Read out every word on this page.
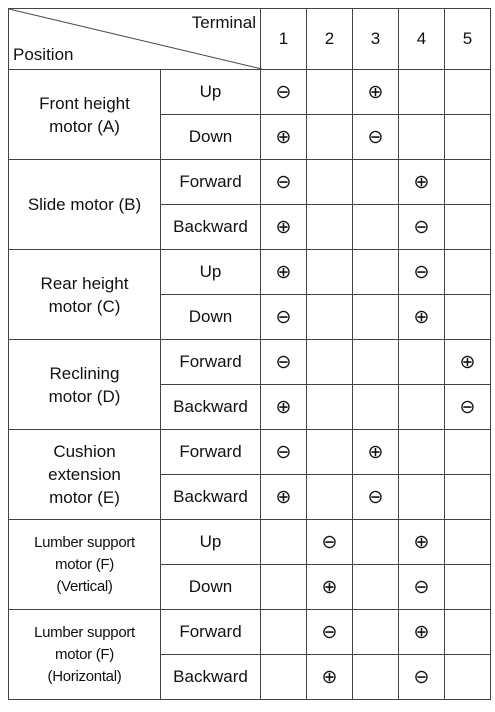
Terminal
Position		1	2	3	4	5

Front height
motor (A)	Up	⊖		⊕		
	Down	⊕		⊖		

Slide motor (B)	Forward	⊖			⊕	
	Backward	⊕			⊖	

Rear height
motor (C)	Up	⊕			⊖	
	Down	⊖			⊕	

Reclining
motor (D)	Forward	⊖				⊕
	Backward	⊕				⊖

Cushion
extension
motor (E)	Forward	⊖		⊕		
	Backward	⊕		⊖		

Lumber support
motor (F)
(Vertical)	Up		⊖		⊕	
	Down		⊕		⊖	

Lumber support
motor (F)
(Horizontal)	Forward		⊖		⊕	
	Backward		⊕		⊖	
